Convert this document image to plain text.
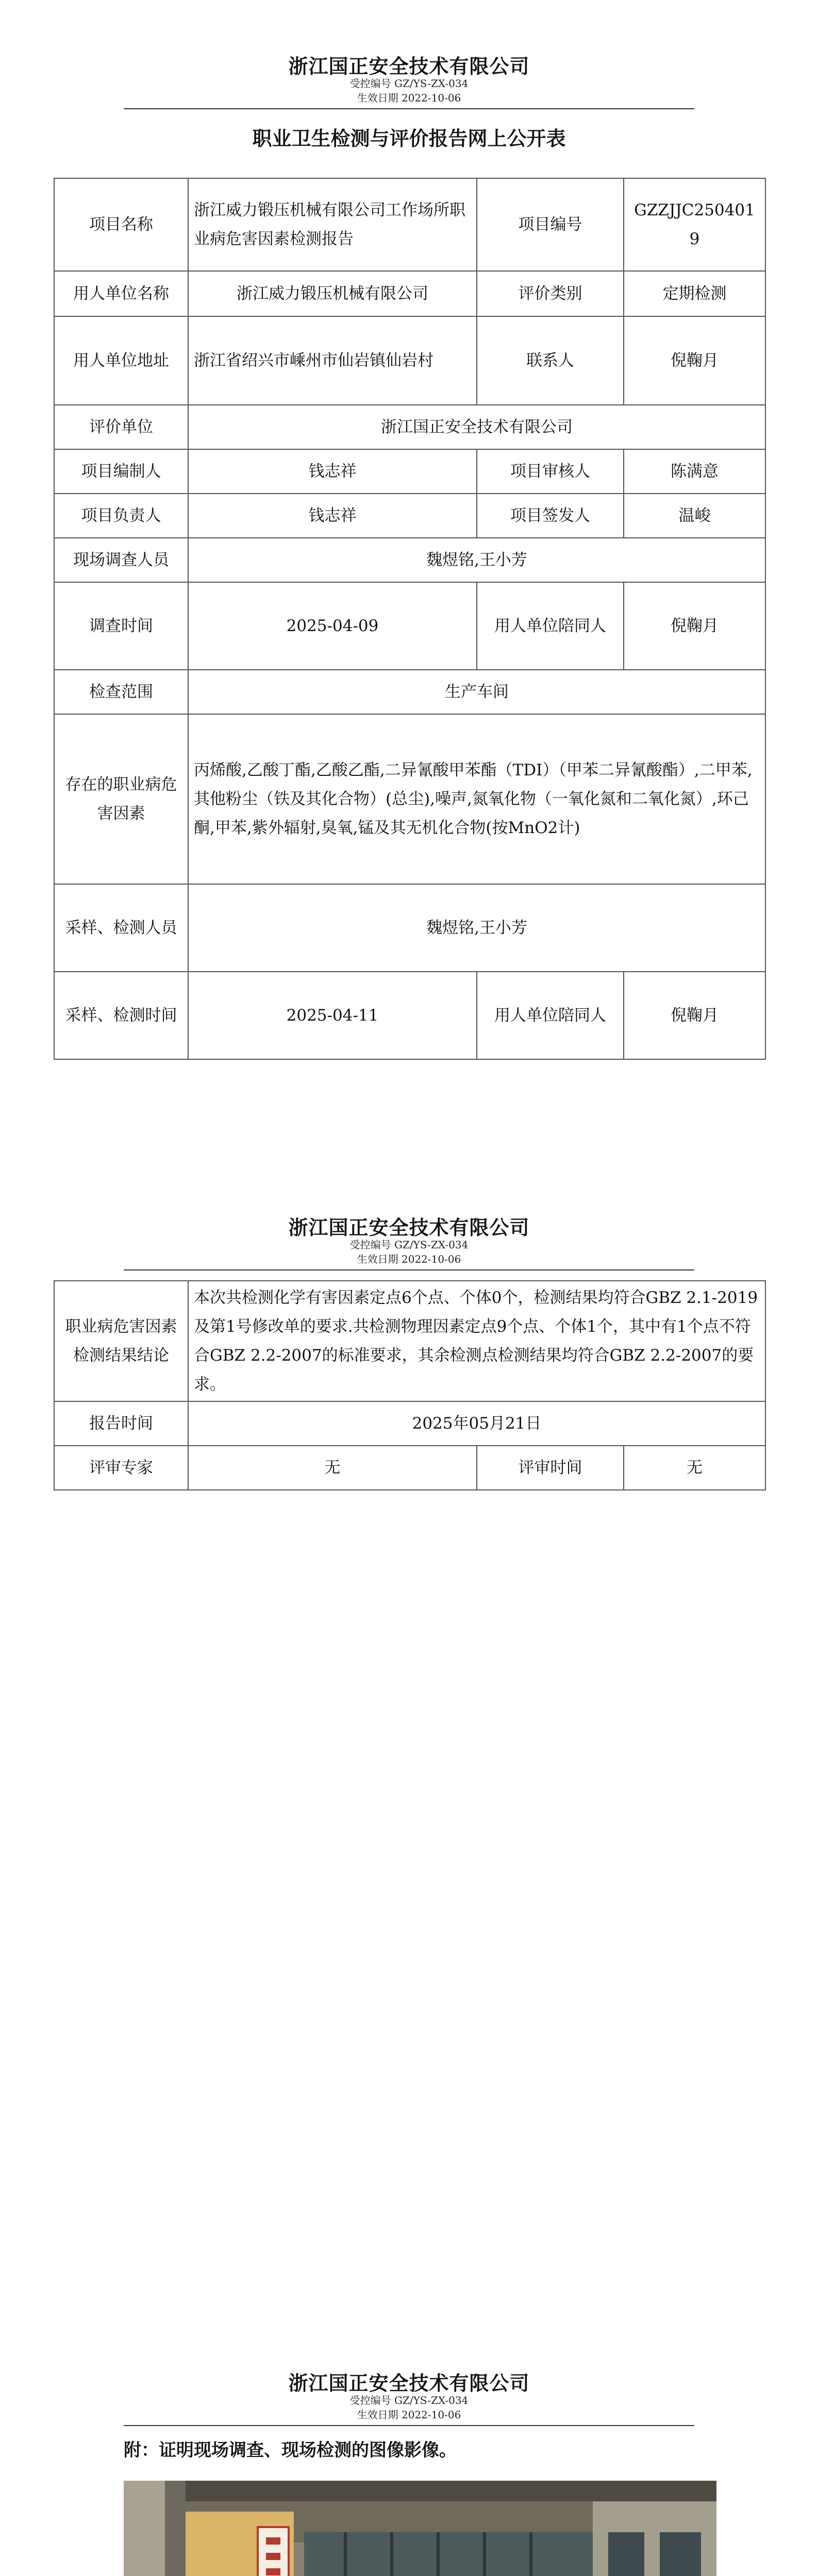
浙江国正安全技术有限公司
受控编号 GZ/YS-ZX-034
生效日期 2022-10-06
职业卫生检测与评价报告网上公开表
项目名称	浙江威力锻压机械有限公司工作场所职业病危害因素检测报告	项目编号	GZZJJC2504019
用人单位名称	浙江威力锻压机械有限公司	评价类别	定期检测
用人单位地址	浙江省绍兴市嵊州市仙岩镇仙岩村	联系人	倪鞠月
评价单位	浙江国正安全技术有限公司		
项目编制人	钱志祥	项目审核人	陈满意
项目负责人	钱志祥	项目签发人	温峻
现场调查人员	魏煜铭,王小芳		
调查时间	2025-04-09	用人单位陪同人	倪鞠月
检查范围	生产车间		
存在的职业病危害因素	丙烯酸,乙酸丁酯,乙酸乙酯,二异氰酸甲苯酯（TDI）（甲苯二异氰酸酯）,二甲苯,其他粉尘（铁及其化合物）(总尘),噪声,氮氧化物（一氧化氮和二氧化氮）,环己酮,甲苯,紫外辐射,臭氧,锰及其无机化合物(按MnO2计)		
采样、检测人员	魏煜铭,王小芳		
采样、检测时间	2025-04-11	用人单位陪同人	倪鞠月
浙江国正安全技术有限公司
受控编号 GZ/YS-ZX-034
生效日期 2022-10-06
职业病危害因素检测结果结论	本次共检测化学有害因素定点6个点、个体0个，检测结果均符合GBZ 2.1-2019及第1号修改单的要求.共检测物理因素定点9个点、个体1个，其中有1个点不符合GBZ 2.2-2007的标准要求，其余检测点检测结果均符合GBZ 2.2-2007的要求。		
报告时间	2025年05月21日		
评审专家	无	评审时间	无
浙江国正安全技术有限公司
受控编号 GZ/YS-ZX-034
生效日期 2022-10-06
附：证明现场调查、现场检测的图像影像。
